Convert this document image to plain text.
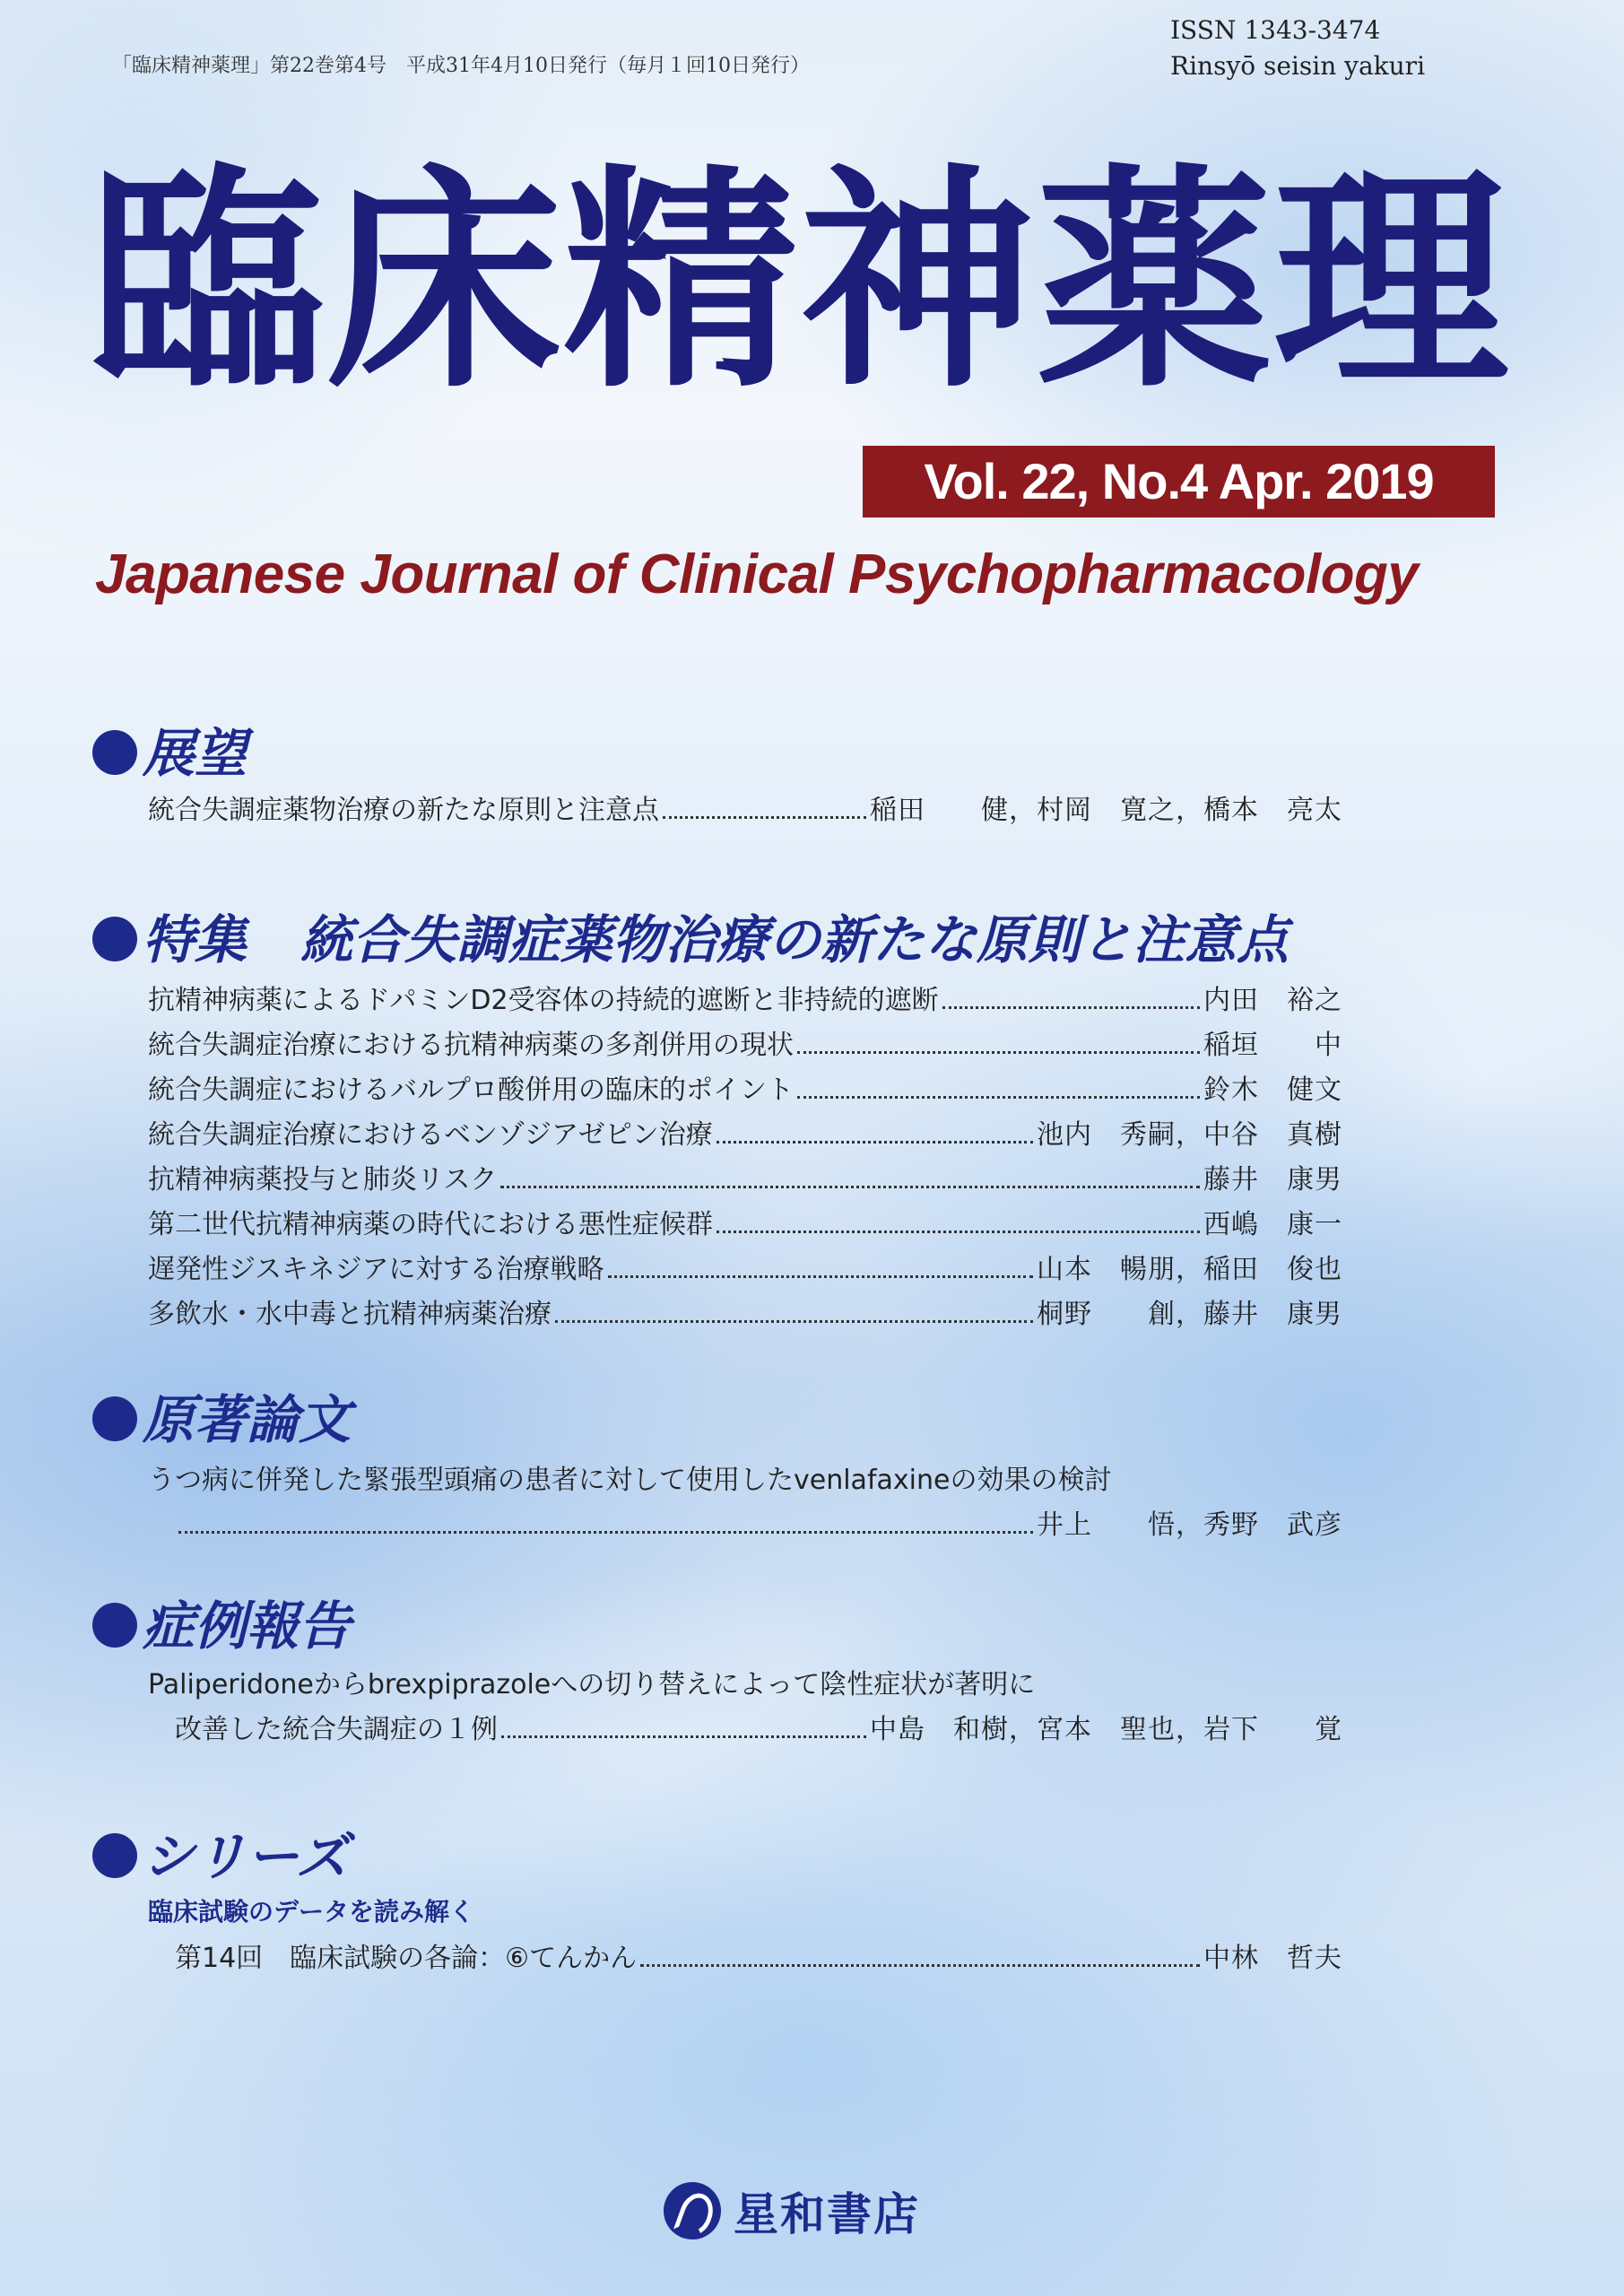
「臨床精神薬理」第22巻第4号　平成31年4月10日発行（毎月１回10日発行）
ISSN 1343-3474
Rinsyō seisin yakuri
臨床精神薬理
Vol. 22, No.4 Apr. 2019
Japanese Journal of Clinical Psychopharmacology
展望
統合失調症薬物治療の新たな原則と注意点	稲田　　健，村岡　寛之，橋本　亮太
特集 統合失調症薬物治療の新たな原則と注意点
抗精神病薬によるドパミンD2受容体の持続的遮断と非持続的遮断	内田　裕之
統合失調症治療における抗精神病薬の多剤併用の現状	稲垣　　中
統合失調症におけるバルプロ酸併用の臨床的ポイント	鈴木　健文
統合失調症治療におけるベンゾジアゼピン治療	池内　秀嗣，中谷　真樹
抗精神病薬投与と肺炎リスク	藤井　康男
第二世代抗精神病薬の時代における悪性症候群	西嶋　康一
遅発性ジスキネジアに対する治療戦略	山本　暢朋，稲田　俊也
多飲水・水中毒と抗精神病薬治療	桐野　　創，藤井　康男
原著論文
うつ病に併発した緊張型頭痛の患者に対して使用したvenlafaxineの効果の検討
井上　　悟，秀野　武彦
症例報告
Paliperidoneからbrexpiprazoleへの切り替えによって陰性症状が著明に
改善した統合失調症の１例	中島　和樹，宮本　聖也，岩下　　覚
シリーズ
臨床試験のデータを読み解く
第14回　臨床試験の各論：⑥てんかん	中林　哲夫
星和書店
